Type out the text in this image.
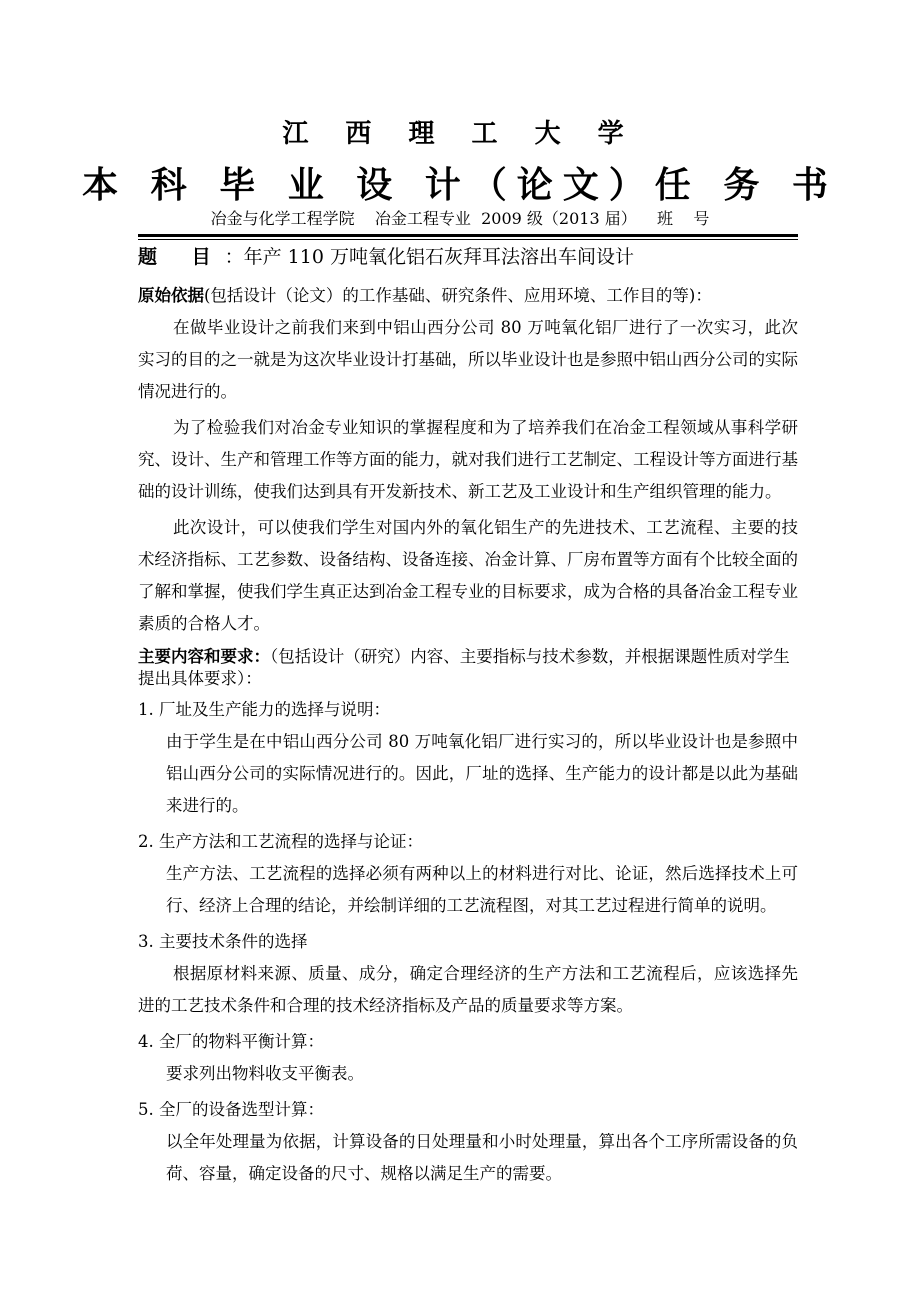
江 西 理 工 大 学
本 科 毕 业 设 计（论文）任 务 书
冶金与化学工程学院    冶金工程专业  2009 级（2013 届）    班    号
题 目：年产 110 万吨氧化铝石灰拜耳法溶出车间设计

原始依据(包括设计（论文）的工作基础、研究条件、应用环境、工作目的等)：

在做毕业设计之前我们来到中铝山西分公司 80 万吨氧化铝厂进行了一次实习，此次实习的目的之一就是为这次毕业设计打基础，所以毕业设计也是参照中铝山西分公司的实际情况进行的。

为了检验我们对冶金专业知识的掌握程度和为了培养我们在冶金工程领域从事科学研究、设计、生产和管理工作等方面的能力，就对我们进行工艺制定、工程设计等方面进行基础的设计训练，使我们达到具有开发新技术、新工艺及工业设计和生产组织管理的能力。

此次设计，可以使我们学生对国内外的氧化铝生产的先进技术、工艺流程、主要的技术经济指标、工艺参数、设备结构、设备连接、冶金计算、厂房布置等方面有个比较全面的了解和掌握，使我们学生真正达到冶金工程专业的目标要求，成为合格的具备冶金工程专业素质的合格人才。

主要内容和要求：（包括设计（研究）内容、主要指标与技术参数，并根据课题性质对学生提出具体要求）：

1. 厂址及生产能力的选择与说明：

由于学生是在中铝山西分公司 80 万吨氧化铝厂进行实习的，所以毕业设计也是参照中铝山西分公司的实际情况进行的。因此，厂址的选择、生产能力的设计都是以此为基础来进行的。

2. 生产方法和工艺流程的选择与论证：

生产方法、工艺流程的选择必须有两种以上的材料进行对比、论证，然后选择技术上可行、经济上合理的结论，并绘制详细的工艺流程图，对其工艺过程进行简单的说明。

3. 主要技术条件的选择

根据原材料来源、质量、成分，确定合理经济的生产方法和工艺流程后，应该选择先进的工艺技术条件和合理的技术经济指标及产品的质量要求等方案。

4. 全厂的物料平衡计算：

要求列出物料收支平衡表。

5. 全厂的设备选型计算：

以全年处理量为依据，计算设备的日处理量和小时处理量，算出各个工序所需设备的负荷、容量，确定设备的尺寸、规格以满足生产的需要。
